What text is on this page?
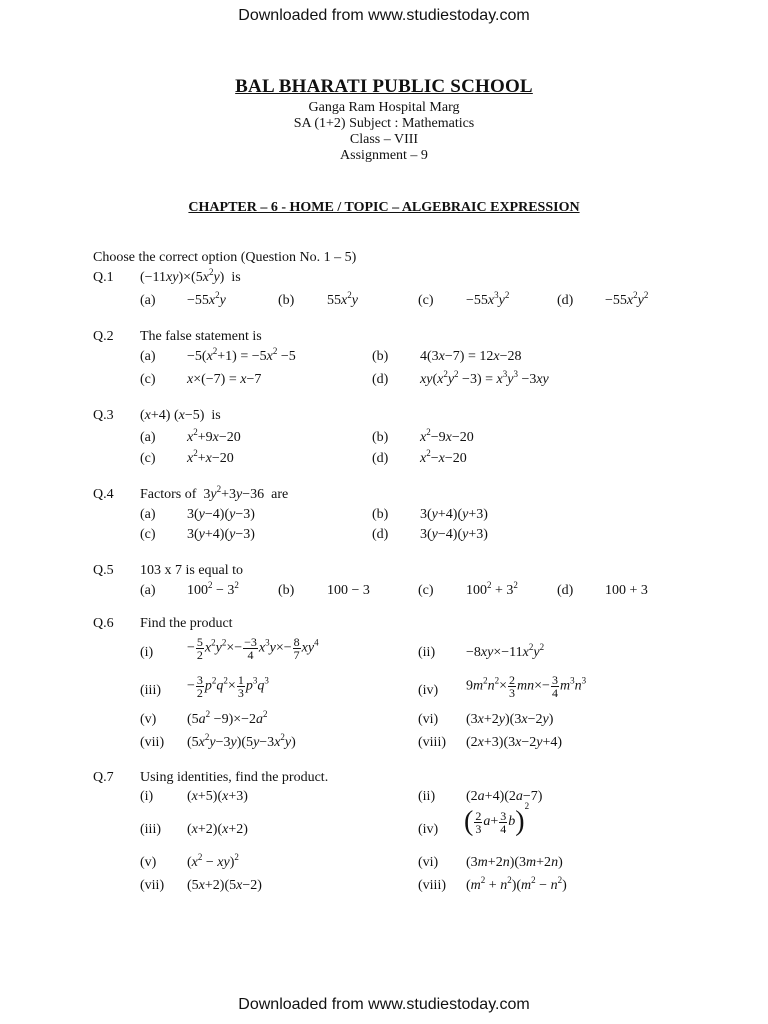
Downloaded from www.studiestoday.com
BAL BHARATI PUBLIC SCHOOL
Ganga Ram Hospital Marg
SA (1+2) Subject : Mathematics
Class – VIII
Assignment – 9
CHAPTER – 6 - HOME / TOPIC – ALGEBRAIC EXPRESSION
Choose the correct option (Question No. 1 – 5)
Q.1 $(-11xy)\times(5x^2y)$  is
$(a) -55x^2y$	(b) $55x^2y$	$(c) -55x^3y^2$	$(d) -55x^2y^2$
Q.2 The false statement is
$(a) -5(x^2+1) = -5x^2 -5$	(b) 4(3x−7) = 12x−28
(c) x×(−7) = x−7	(d) $xy(x^2y^2 -3) = x^3y^3 -3xy$
Q.3 (x+4) (x−5)  is
(a) $x^2+9x-20$	(b) $x^2-9x-20$
(c) $x^2+x-20$	(d) $x^2-x-20$
Q.4 Factors of  $3y^2+3y-36$  are
(a) 3(y−4)(y−3)	(b) 3(y+4)(y+3)
(c) 3(y+4)(y−3)	(d) 3(y−4)(y+3)
Q.5 103 x 7 is equal to
(a) $100^2 - 3^2$	(b) 100 − 3	(c) $100^2 + 3^2$	(d) 100 + 3
Q.6 Find the product
$(i) - \frac{5}{2} x^2y^2\times- \frac{-3}{4} x^3y\times- \frac{8}{7} xy^4$
$(ii) -8xy\times-11x^2y^2$
$(iii) - \frac{3}{2} p^2q^2\times \frac{1}{3} p^3q^3$
(iv) $9m^2n^2\times \frac{2}{3} mn\times- \frac{3}{4} m^3n^3$
(v) $(5a^2 -9)\times-2a^2$	(vi) (3x+2y)(3x−2y)
(vii) $(5x^2y-3y)(5y-3x^2y)$	(viii) (2x+3)(3x−2y+4)
Q.7 Using identities, find the product.
(i) (x+5)(x+3)	(ii) (2a+4)(2a−7)
(iii) (x+2)(x+2)	(iv) ( $\frac{2}{3} a+ \frac{3}{4} b)^2$
(v) $(x^2 - xy)^2$	(vi) (3m+2n)(3m+2n)
(vii) (5x+2)(5x−2)	(viii) $(m^2 + n^2)(m^2 - n^2)$
Downloaded from www.studiestoday.com
